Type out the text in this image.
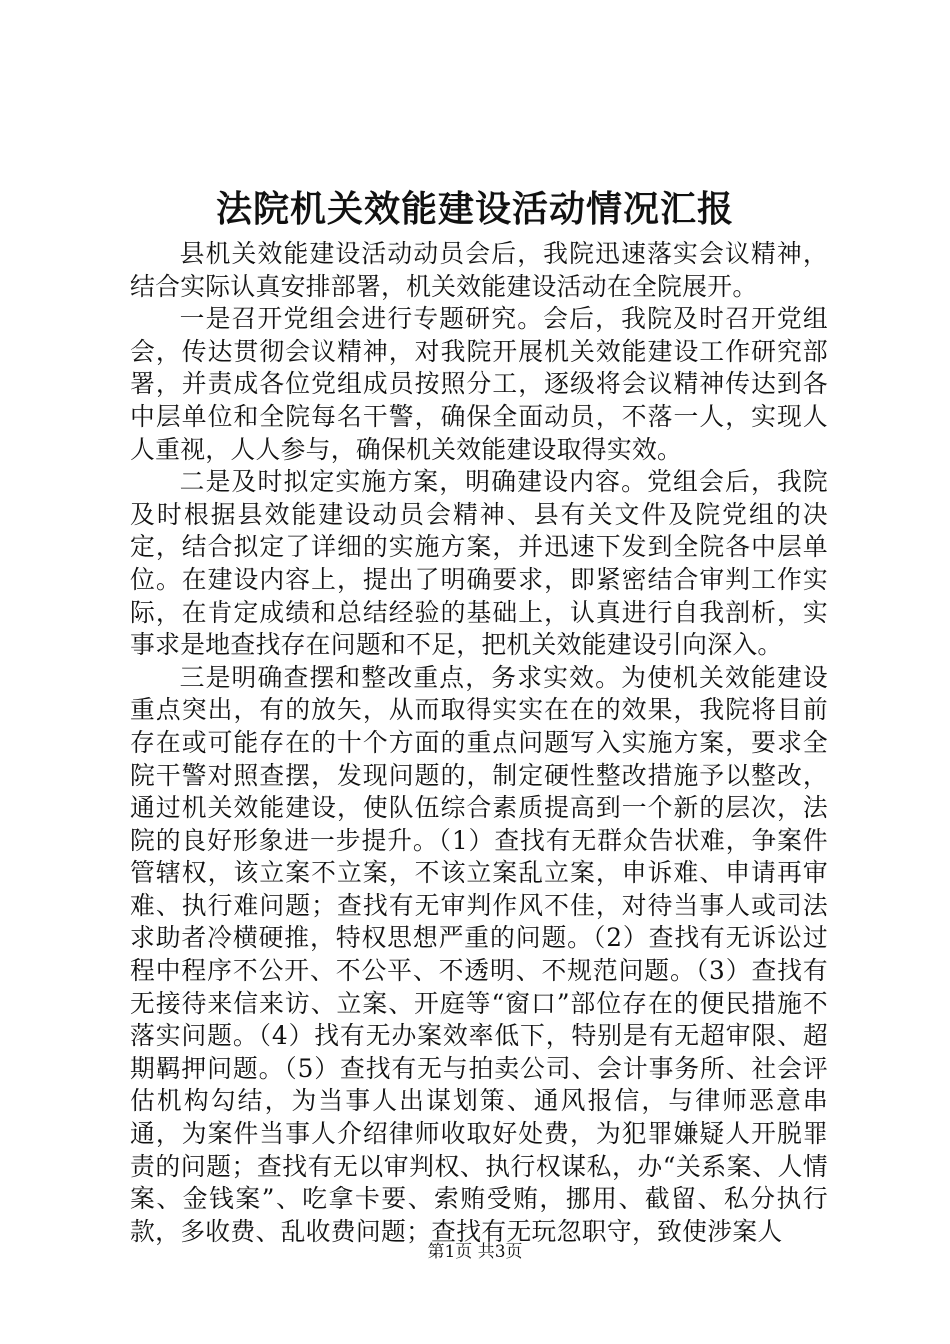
法院机关效能建设活动情况汇报

县机关效能建设活动动员会后，我院迅速落实会议精神，结合实际认真安排部署，机关效能建设活动在全院展开。

一是召开党组会进行专题研究。会后，我院及时召开党组会，传达贯彻会议精神，对我院开展机关效能建设工作研究部署，并责成各位党组成员按照分工，逐级将会议精神传达到各中层单位和全院每名干警，确保全面动员，不落一人，实现人人重视，人人参与，确保机关效能建设取得实效。

二是及时拟定实施方案，明确建设内容。党组会后，我院及时根据县效能建设动员会精神、县有关文件及院党组的决定，结合拟定了详细的实施方案，并迅速下发到全院各中层单位。在建设内容上，提出了明确要求，即紧密结合审判工作实际，在肯定成绩和总结经验的基础上，认真进行自我剖析，实事求是地查找存在问题和不足，把机关效能建设引向深入。

三是明确查摆和整改重点，务求实效。为使机关效能建设重点突出，有的放矢，从而取得实实在在的效果，我院将目前存在或可能存在的十个方面的重点问题写入实施方案，要求全院干警对照查摆，发现问题的，制定硬性整改措施予以整改，通过机关效能建设，使队伍综合素质提高到一个新的层次，法院的良好形象进一步提升。（1）查找有无群众告状难，争案件管辖权，该立案不立案，不该立案乱立案，申诉难、申请再审难、执行难问题；查找有无审判作风不佳，对待当事人或司法求助者冷横硬推，特权思想严重的问题。（2）查找有无诉讼过程中程序不公开、不公平、不透明、不规范问题。（3）查找有无接待来信来访、立案、开庭等“窗口”部位存在的便民措施不落实问题。（4）找有无办案效率低下，特别是有无超审限、超期羁押问题。（5）查找有无与拍卖公司、会计事务所、社会评估机构勾结，为当事人出谋划策、通风报信，与律师恶意串通，为案件当事人介绍律师收取好处费，为犯罪嫌疑人开脱罪责的问题；查找有无以审判权、执行权谋私，办“关系案、人情案、金钱案”、吃拿卡要、索贿受贿，挪用、截留、私分执行款，多收费、乱收费问题；查找有无玩忽职守，致使涉案人

第1页 共3页
